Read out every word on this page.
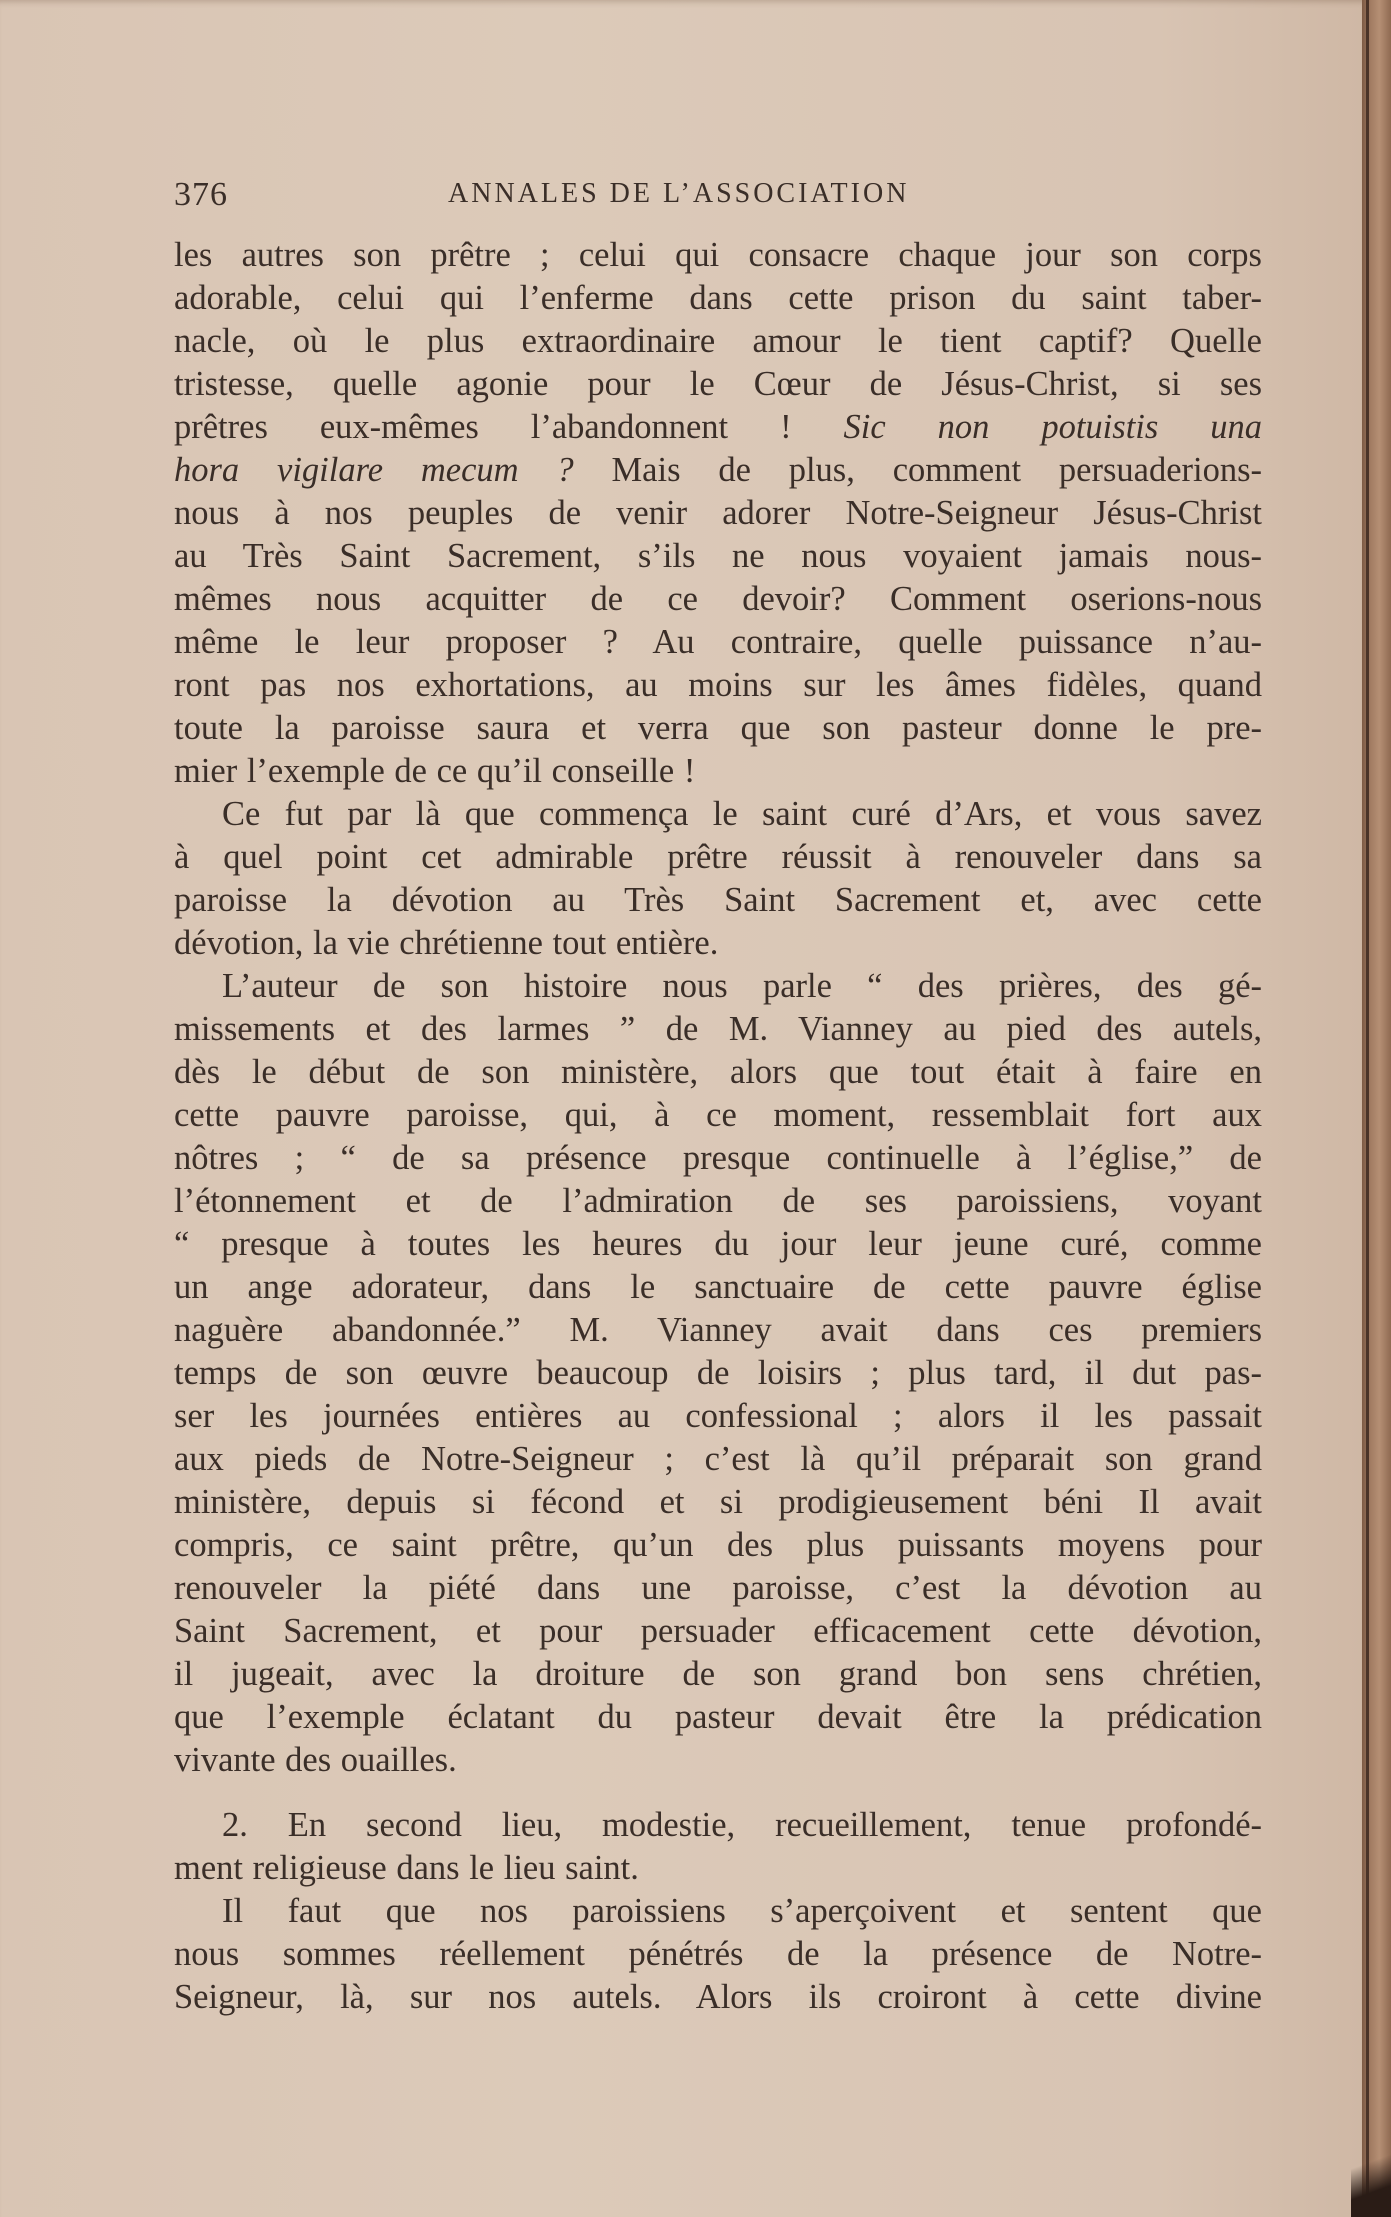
376	ANNALES DE L’ASSOCIATION
les autres son prêtre ; celui qui consacre chaque jour son corps
adorable, celui qui l’enferme dans cette prison du saint taber-
nacle, où le plus extraordinaire amour le tient captif? Quelle
tristesse, quelle agonie pour le Cœur de Jésus-Christ, si ses
prêtres eux-mêmes l’abandonnent ! Sic non potuistis una
hora vigilare mecum ? Mais de plus, comment persuaderions-
nous à nos peuples de venir adorer Notre-Seigneur Jésus-Christ
au Très Saint Sacrement, s’ils ne nous voyaient jamais nous-
mêmes nous acquitter de ce devoir? Comment oserions-nous
même le leur proposer ? Au contraire, quelle puissance n’au-
ront pas nos exhortations, au moins sur les âmes fidèles, quand
toute la paroisse saura et verra que son pasteur donne le pre-
mier l’exemple de ce qu’il conseille !
Ce fut par là que commença le saint curé d’Ars, et vous savez
à quel point cet admirable prêtre réussit à renouveler dans sa
paroisse la dévotion au Très Saint Sacrement et, avec cette
dévotion, la vie chrétienne tout entière.
L’auteur de son histoire nous parle “ des prières, des gé-
missements et des larmes ” de M. Vianney au pied des autels,
dès le début de son ministère, alors que tout était à faire en
cette pauvre paroisse, qui, à ce moment, ressemblait fort aux
nôtres ; “ de sa présence presque continuelle à l’église,” de
l’étonnement et de l’admiration de ses paroissiens, voyant
“ presque à toutes les heures du jour leur jeune curé, comme
un ange adorateur, dans le sanctuaire de cette pauvre église
naguère abandonnée.” M. Vianney avait dans ces premiers
temps de son œuvre beaucoup de loisirs ; plus tard, il dut pas-
ser les journées entières au confessional ; alors il les passait
aux pieds de Notre-Seigneur ; c’est là qu’il préparait son grand
ministère, depuis si fécond et si prodigieusement béni Il avait
compris, ce saint prêtre, qu’un des plus puissants moyens pour
renouveler la piété dans une paroisse, c’est la dévotion au
Saint Sacrement, et pour persuader efficacement cette dévotion,
il jugeait, avec la droiture de son grand bon sens chrétien,
que l’exemple éclatant du pasteur devait être la prédication
vivante des ouailles.
2. En second lieu, modestie, recueillement, tenue profondé-
ment religieuse dans le lieu saint.
Il faut que nos paroissiens s’aperçoivent et sentent que
nous sommes réellement pénétrés de la présence de Notre-
Seigneur, là, sur nos autels. Alors ils croiront à cette divine
